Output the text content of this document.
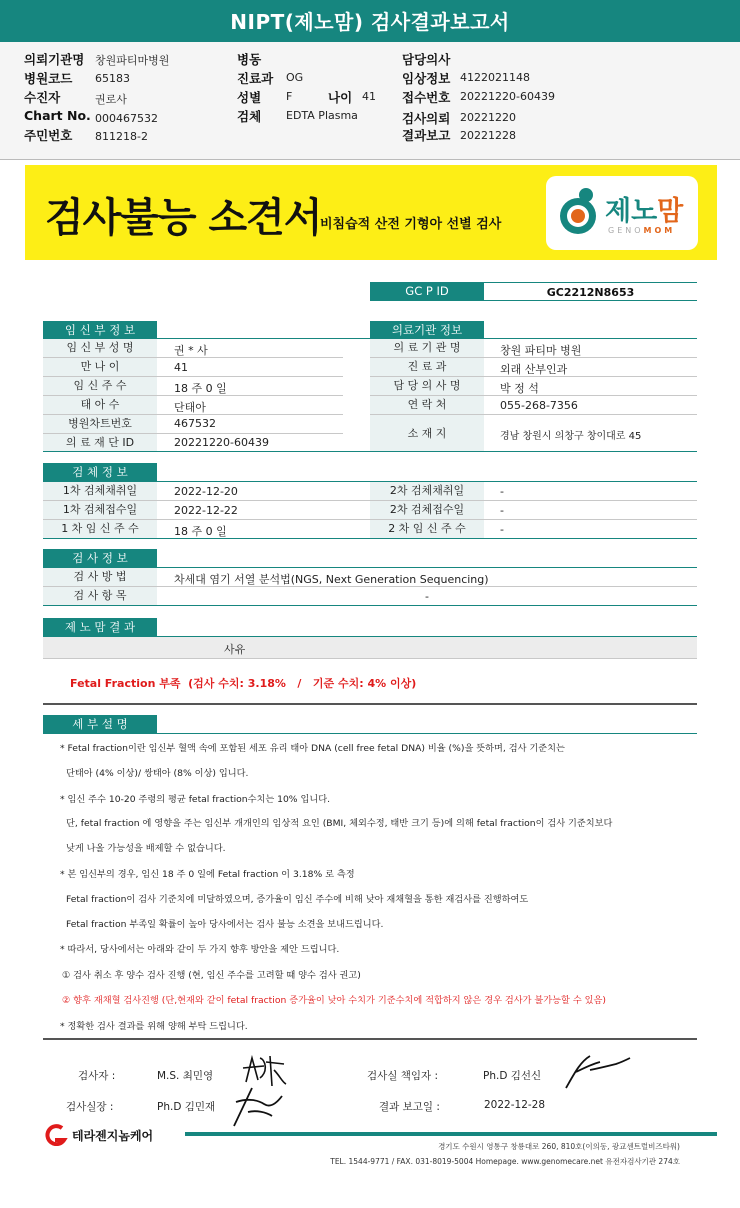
NIPT(제노맘) 검사결과보고서
의뢰기관명 창원파티마병원
병원코드 65183
수진자	권로사
Chart No. 000467532
주민번호 811218-2
병동
진료과 OG
성별 F	나이 41
검체 EDTA Plasma
담당의사
임상정보 4122021148
접수번호 20221220-60439
검사의뢰 20221220
결과보고 20221228
검사불능 소견서
비침습적 산전 기형아 선별 검사	제노맘
GENOMOM
GC P ID	GC2212N8653
임 신 부 정 보	의료기관 정보
임 신 부 성 명	권 * 사
만 나 이	41
임 신 주 수	18 주 0 일
태 아 수	단태아
병원차트번호	467532
의 료 재 단 ID	20221220-60439
의 료 기 관 명	창원 파티마 병원
진 료 과	외래 산부인과
담 당 의 사 명	박 정 석
연 락 처	055-268-7356
소 재 지	경남 창원시 의창구 창이대로 45
검 체 정 보
1차 검체채취일	2022-12-20	2차 검체채취일	-
1차 검체접수일	2022-12-22	2차 검체접수일	-
1 차 임 신 주 수	18 주 0 일	2 차 임 신 주 수	-
검 사 정 보
검 사 방 법	차세대 염기 서열 분석법(NGS, Next Generation Sequencing)
검 사 항 목	-
제 노 맘 결 과
사유
Fetal Fraction 부족  (검사 수치: 3.18%   /   기준 수치: 4% 이상)
세 부 설 명
* Fetal fraction이란 임신부 혈액 속에 포함된 세포 유리 태아 DNA (cell free fetal DNA) 비율 (%)을 뜻하며, 검사 기준치는
단태아 (4% 이상)/ 쌍태아 (8% 이상) 입니다.
* 임신 주수 10-20 주령의 평균 fetal fraction수치는 10% 입니다.
단, fetal fraction 에 영향을 주는 임신부 개개인의 임상적 요인 (BMI, 체외수정, 태반 크기 등)에 의해 fetal fraction이 검사 기준치보다
낮게 나올 가능성을 배제할 수 없습니다.
* 본 임신부의 경우, 임신 18 주 0 일에 Fetal fraction 이 3.18% 로 측정
Fetal fraction이 검사 기준치에 미달하였으며, 증가율이 임신 주수에 비해 낮아 재채혈을 통한 재검사를 진행하여도
Fetal fraction 부족일 확률이 높아 당사에서는 검사 불능 소견을 보내드립니다.
* 따라서, 당사에서는 아래와 같이 두 가지 향후 방안을 제안 드립니다.
① 검사 취소 후 양수 검사 진행 (현, 임신 주수를 고려할 때 양수 검사 권고)
② 향후 재채혈 검사진행 (단,현재와 같이 fetal fraction 증가율이 낮아 수치가 기준수치에 적합하지 않은 경우 검사가 불가능할 수 있음)
* 정확한 검사 결과를 위해 양해 부탁 드립니다.
검사자 :	M.S. 최민영	검사실 책임자 :	Ph.D 김선신
검사실장 :	Ph.D 김민재	결과 보고일 :	2022-12-28
테라젠지놈케어
경기도 수원시 영통구 창룡대로 260, 810호(이의동, 광교센트럴비즈타워)
TEL. 1544-9771 / FAX. 031-8019-5004 Homepage. www.genomecare.net 유전자검사기관 274호
